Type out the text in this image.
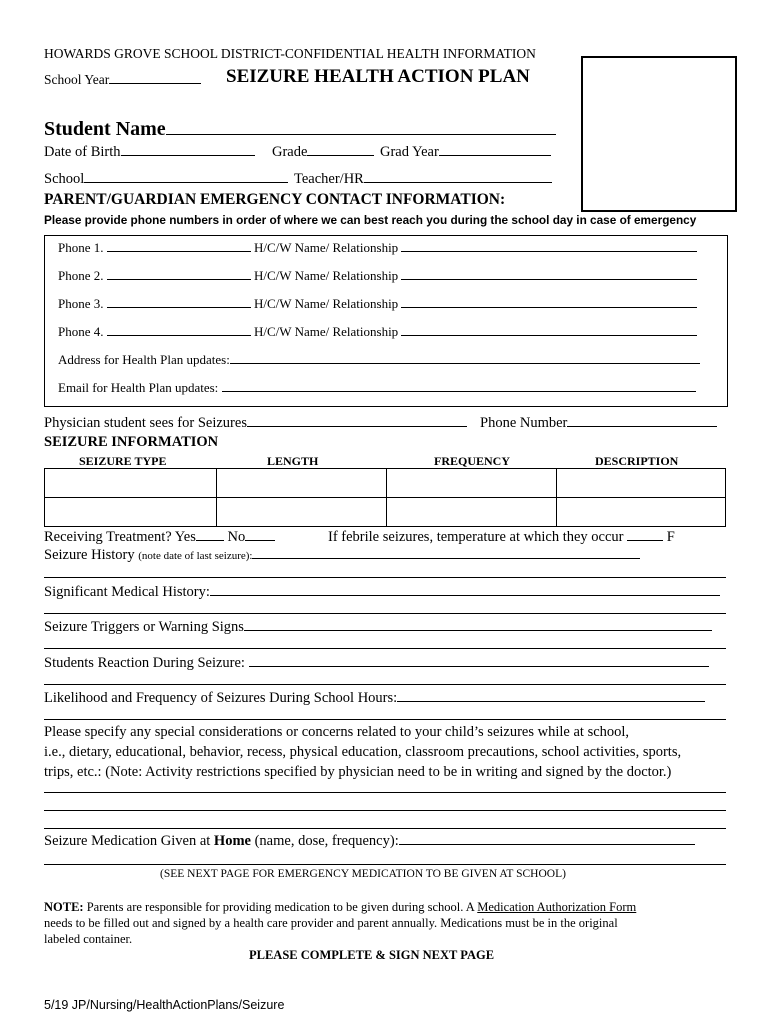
HOWARDS GROVE SCHOOL DISTRICT-CONFIDENTIAL HEALTH INFORMATION
School Year	SEIZURE HEALTH ACTION PLAN
Student Name
Date of Birth	Grade	Grad Year
School	Teacher/HR
PARENT/GUARDIAN EMERGENCY CONTACT INFORMATION:
Please provide phone numbers in order of where we can best reach you during the school day in case of emergency
Phone 1.	H/C/W Name/ Relationship
Phone 2.	H/C/W Name/ Relationship
Phone 3.	H/C/W Name/ Relationship
Phone 4.	H/C/W Name/ Relationship
Address for Health Plan updates:
Email for Health Plan updates:
Physician student sees for Seizures	Phone Number
SEIZURE INFORMATION
SEIZURE TYPE	LENGTH	FREQUENCY	DESCRIPTION

Receiving Treatment? Yes No	If febrile seizures, temperature at which they occur	F
Seizure History (note date of last seizure):
Significant Medical History:
Seizure Triggers or Warning Signs
Students Reaction During Seizure:
Likelihood and Frequency of Seizures During School Hours:
Please specify any special considerations or concerns related to your child’s seizures while at school,
i.e., dietary, educational, behavior, recess, physical education, classroom precautions, school activities, sports,
trips, etc.: (Note: Activity restrictions specified by physician need to be in writing and signed by the doctor.)
Seizure Medication Given at Home (name, dose, frequency):
(SEE NEXT PAGE FOR EMERGENCY MEDICATION TO BE GIVEN AT SCHOOL)
NOTE: Parents are responsible for providing medication to be given during school. A Medication Authorization Form
needs to be filled out and signed by a health care provider and parent annually. Medications must be in the original
labeled container.
PLEASE COMPLETE & SIGN NEXT PAGE
5/19 JP/Nursing/HealthActionPlans/Seizure
